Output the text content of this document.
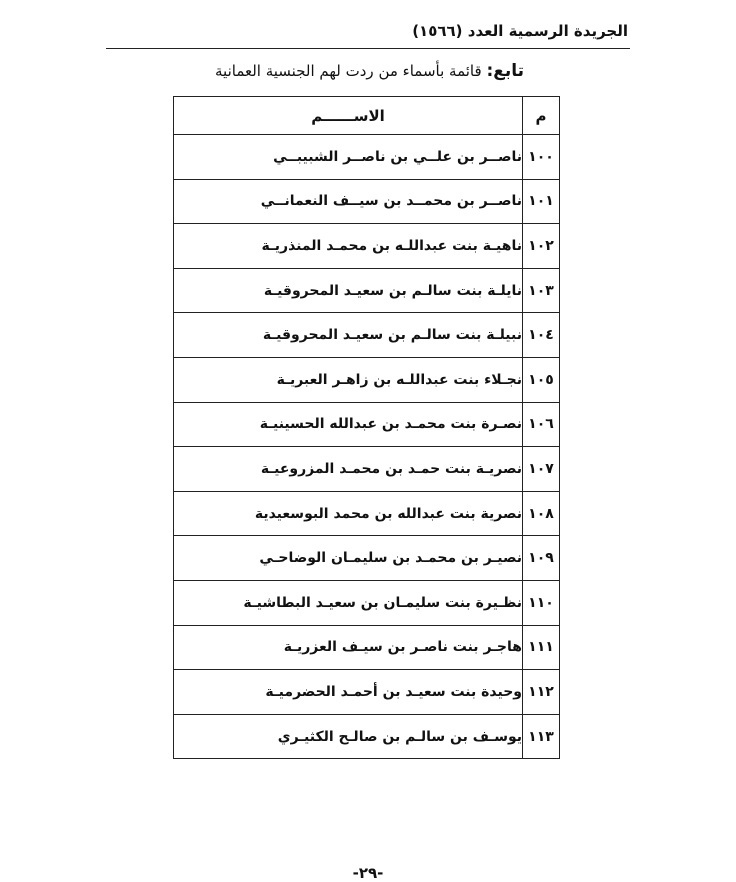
الجريدة الرسمية العدد (١٥٦٦)
تابع: قائمة بأسماء من ردت لهم الجنسية العمانية
م	الاســــــم
١٠٠	ناصــر بن علــي بن ناصــر الشبيبــي
١٠١	ناصــر بن محمــد بن سيــف النعمانــي
١٠٢	ناهيـة بنت عبداللـه بن محمـد المنذريـة
١٠٣	نايلـة بنت سالـم بن سعيـد المحروقيـة
١٠٤	نبيلـة بنت سالـم بن سعيـد المحروقيـة
١٠٥	نجـلاء بنت عبداللـه بن زاهـر العبريـة
١٠٦	نصـرة بنت محمـد بن عبدالله الحسينيـة
١٠٧	نصريـة بنت حمـد بن محمـد المزروعيـة
١٠٨	نصرية بنت عبدالله بن محمد البوسعيدية
١٠٩	نصيـر بن محمـد بن سليمـان الوضاحـي
١١٠	نظـيرة بنت سليمـان بن سعيـد البطاشيـة
١١١	هاجـر بنت ناصـر بن سيـف العزريـة
١١٢	وحيدة بنت سعيـد بن أحمـد الحضرميـة
١١٣	يوسـف بن سالـم بن صالـح الكثيـري
-٢٩-
